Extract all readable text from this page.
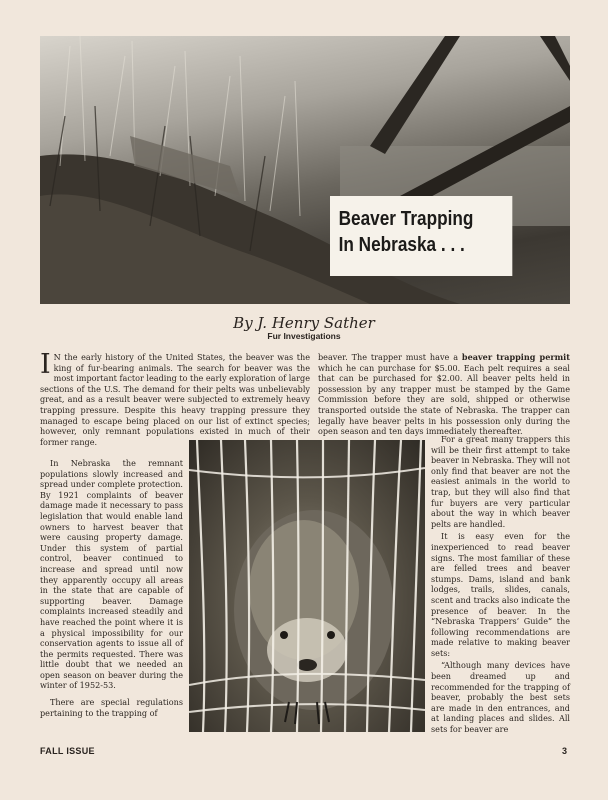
Beaver Trapping
In Nebraska . . .
By J. Henry Sather
Fur Investigations

I N the early history of the United States, the beaver was the king of fur-bearing animals. The search for beaver was the most important factor leading to the early exploration of large sections of the U.S. The demand for their pelts was unbelievably great, and as a result beaver were subjected to extremely heavy trapping pressure. Despite this heavy trapping pressure they managed to escape being placed on our list of extinct species; however, only remnant populations existed in much of their former range.

In Nebraska the remnant populations slowly increased and spread under complete protection. By 1921 complaints of beaver damage made it necessary to pass legislation that would enable land owners to harvest beaver that were causing property damage. Under this system of partial control, beaver continued to increase and spread until now they apparently occupy all areas in the state that are capable of supporting beaver. Damage complaints increased steadily and have reached the point where it is a physical impossibility for our conservation agents to issue all of the permits requested. There was little doubt that we needed an open season on beaver during the winter of 1952-53.

There are special regulations pertaining to the trapping of

beaver. The trapper must have a beaver trapping permit which he can purchase for $5.00. Each pelt requires a seal that can be purchased for $2.00. All beaver pelts held in possession by any trapper must be stamped by the Game Commission before they are sold, shipped or otherwise transported outside the state of Nebraska. The trapper can legally have beaver pelts in his possession only during the open season and ten days immediately thereafter.

For a great many trappers this will be their first attempt to take beaver in Nebraska. They will not only find that beaver are not the easiest animals in the world to trap, but they will also find that fur buyers are very particular about the way in which beaver pelts are handled.

It is easy even for the inexperienced to read beaver signs. The most familiar of these are felled trees and beaver stumps. Dams, island and bank lodges, trails, slides, canals, scent and tracks also indicate the presence of beaver. In the “Nebraska Trappers’ Guide” the following recommendations are made relative to making beaver sets:

“Although many devices have been dreamed up and recommended for the trapping of beaver, probably the best sets are made in den entrances, and at landing places and slides. All sets for beaver are

FALL ISSUE	3
